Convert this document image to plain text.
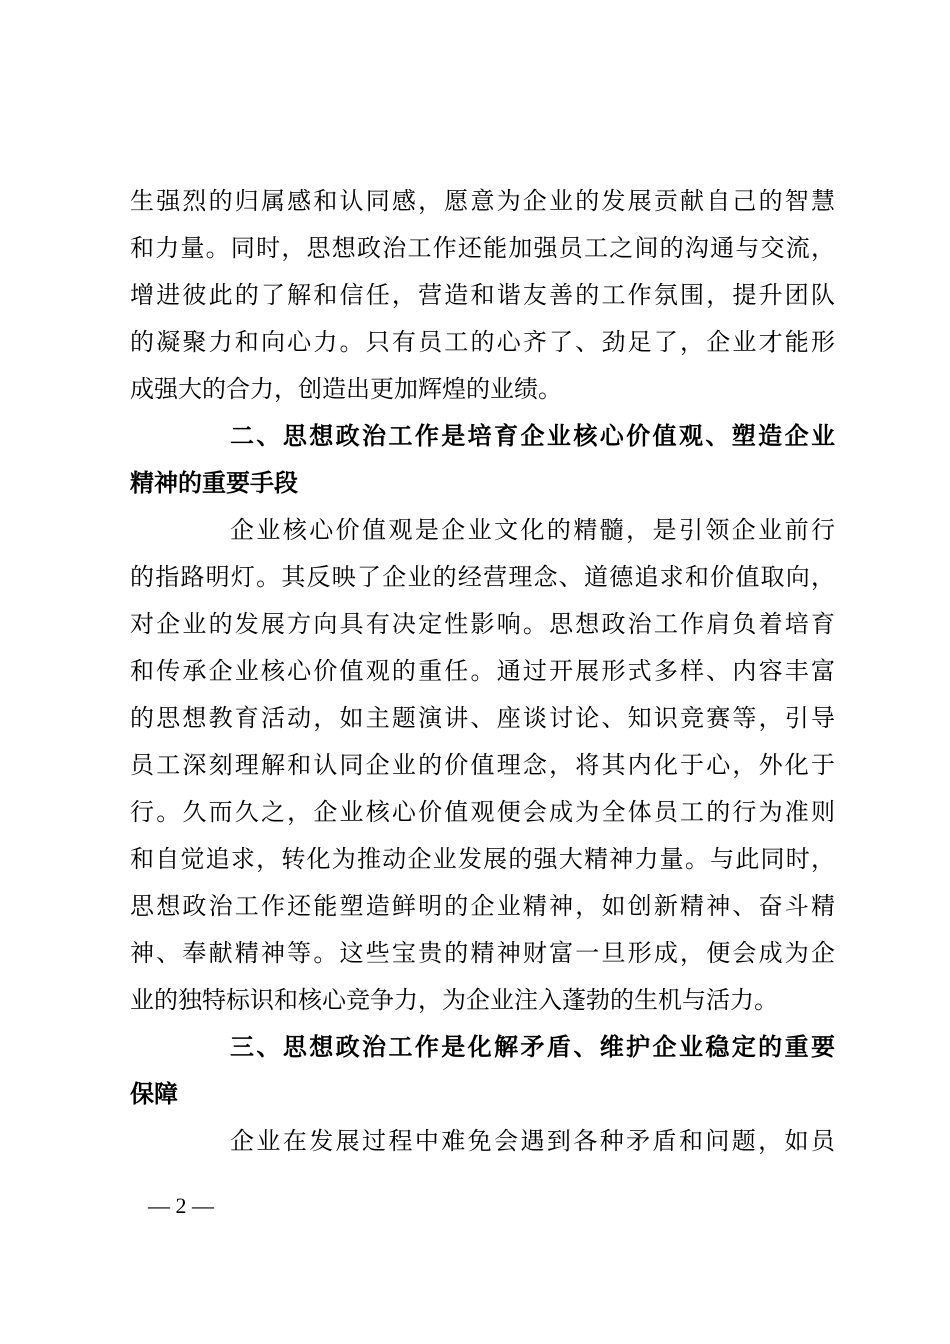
生强烈的归属感和认同感，愿意为企业的发展贡献自己的智慧
和力量。同时，思想政治工作还能加强员工之间的沟通与交流，
增进彼此的了解和信任，营造和谐友善的工作氛围，提升团队
的凝聚力和向心力。只有员工的心齐了、劲足了，企业才能形
成强大的合力，创造出更加辉煌的业绩。
二、思想政治工作是培育企业核心价值观、塑造企业
精神的重要手段
企业核心价值观是企业文化的精髓，是引领企业前行
的指路明灯。其反映了企业的经营理念、道德追求和价值取向，
对企业的发展方向具有决定性影响。思想政治工作肩负着培育
和传承企业核心价值观的重任。通过开展形式多样、内容丰富
的思想教育活动，如主题演讲、座谈讨论、知识竞赛等，引导
员工深刻理解和认同企业的价值理念，将其内化于心，外化于
行。久而久之，企业核心价值观便会成为全体员工的行为准则
和自觉追求，转化为推动企业发展的强大精神力量。与此同时，
思想政治工作还能塑造鲜明的企业精神，如创新精神、奋斗精
神、奉献精神等。这些宝贵的精神财富一旦形成，便会成为企
业的独特标识和核心竞争力，为企业注入蓬勃的生机与活力。
三、思想政治工作是化解矛盾、维护企业稳定的重要
保障
企业在发展过程中难免会遇到各种矛盾和问题，如员
— 2 —
